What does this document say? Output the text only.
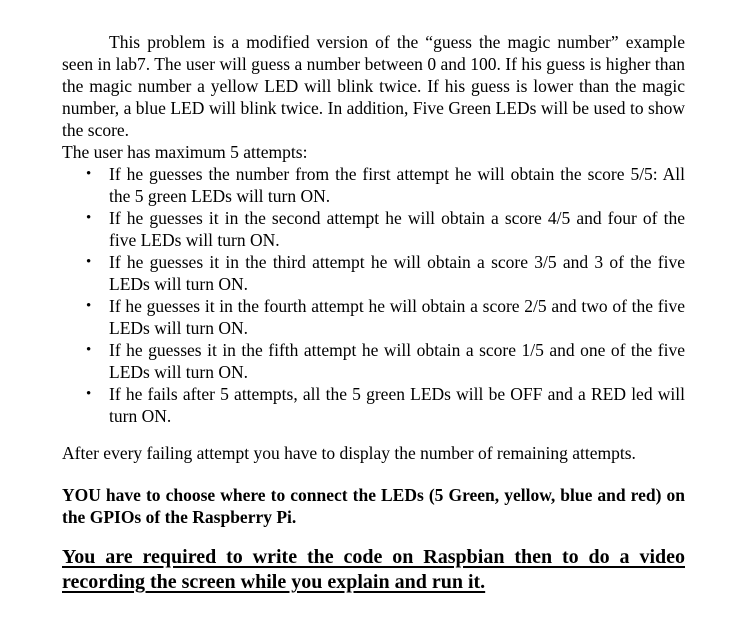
This problem is a modified version of the “guess the magic number” example seen in lab7. The user will guess a number between 0 and 100. If his guess is higher than the magic number a yellow LED will blink twice. If his guess is lower than the magic number, a blue LED will blink twice. In addition, Five Green LEDs will be used to show the score.

The user has maximum 5 attempts:

• If he guesses the number from the first attempt he will obtain the score 5/5: All the 5 green LEDs will turn ON.
• If he guesses it in the second attempt he will obtain a score 4/5 and four of the five LEDs will turn ON.
• If he guesses it in the third attempt he will obtain a score 3/5 and 3 of the five LEDs will turn ON.
• If he guesses it in the fourth attempt he will obtain a score 2/5 and two of the five LEDs will turn ON.
• If he guesses it in the fifth attempt he will obtain a score 1/5 and one of the five LEDs will turn ON.
• If he fails after 5 attempts, all the 5 green LEDs will be OFF and a RED led will turn ON.

After every failing attempt you have to display the number of remaining attempts.

YOU have to choose where to connect the LEDs (5 Green, yellow, blue and red) on the GPIOs of the Raspberry Pi.

You are required to write the code on Raspbian then to do a video recording the screen while you explain and run it.
